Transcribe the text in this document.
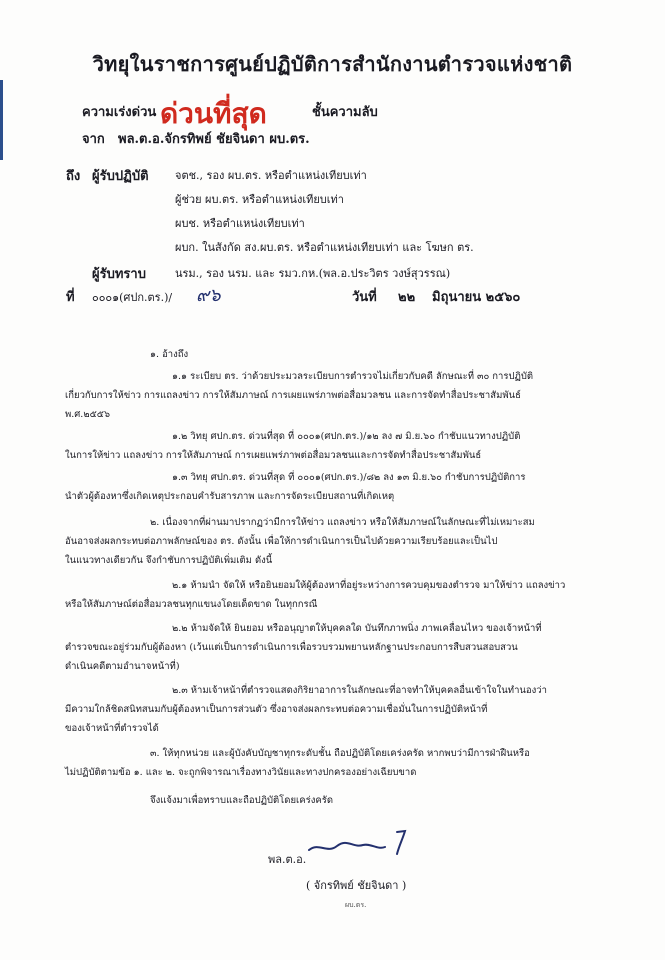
วิทยุในราชการศูนย์ปฏิบัติการสำนักงานตำรวจแห่งชาติ
ความเร่งด่วน ด่วนที่สุด	ชั้นความลับ
จาก พล.ต.อ.จักรทิพย์ ชัยจินดา ผบ.ตร.
ถึง ผู้รับปฏิบัติ จตช., รอง ผบ.ตร. หรือตำแหน่งเทียบเท่า
ผู้ช่วย ผบ.ตร. หรือตำแหน่งเทียบเท่า
ผบช. หรือตำแหน่งเทียบเท่า
ผบก. ในสังกัด สง.ผบ.ตร. หรือตำแหน่งเทียบเท่า และ โฆษก ตร.
ผู้รับทราบ	นรม., รอง นรม. และ รมว.กห.(พล.อ.ประวิตร วงษ์สุวรรณ)
ที่ ๐๐๐๑(ศปก.ตร.)/ ๙๖	วันที่ ๒๒ มิถุนายน ๒๕๖๐
๑. อ้างถึง
๑.๑ ระเบียบ ตร. ว่าด้วยประมวลระเบียบการตำรวจไม่เกี่ยวกับคดี ลักษณะที่ ๓๐ การปฏิบัติ
เกี่ยวกับการให้ข่าว การแถลงข่าว การให้สัมภาษณ์ การเผยแพร่ภาพต่อสื่อมวลชน และการจัดทำสื่อประชาสัมพันธ์
พ.ศ.๒๕๕๖
๑.๒ วิทยุ ศปก.ตร. ด่วนที่สุด ที่ ๐๐๐๑(ศปก.ตร.)/๑๒ ลง ๗ มิ.ย.๖๐ กำชับแนวทางปฏิบัติ
ในการให้ข่าว แถลงข่าว การให้สัมภาษณ์ การเผยแพร่ภาพต่อสื่อมวลชนและการจัดทำสื่อประชาสัมพันธ์
๑.๓ วิทยุ ศปก.ตร. ด่วนที่สุด ที่ ๐๐๐๑(ศปก.ตร.)/๘๒ ลง ๑๓ มิ.ย.๖๐ กำชับการปฏิบัติการ
นำตัวผู้ต้องหาซึ่งเกิดเหตุประกอบคำรับสารภาพ และการจัดระเบียบสถานที่เกิดเหตุ
๒. เนื่องจากที่ผ่านมาปรากฏว่ามีการให้ข่าว แถลงข่าว หรือให้สัมภาษณ์ในลักษณะที่ไม่เหมาะสม
อันอาจส่งผลกระทบต่อภาพลักษณ์ของ ตร. ดังนั้น เพื่อให้การดำเนินการเป็นไปด้วยความเรียบร้อยและเป็นไป
ในแนวทางเดียวกัน จึงกำชับการปฏิบัติเพิ่มเติม ดังนี้
๒.๑ ห้ามนำ จัดให้ หรือยินยอมให้ผู้ต้องหาที่อยู่ระหว่างการควบคุมของตำรวจ มาให้ข่าว แถลงข่าว
หรือให้สัมภาษณ์ต่อสื่อมวลชนทุกแขนงโดยเด็ดขาด ในทุกกรณี
๒.๒ ห้ามจัดให้ ยินยอม หรืออนุญาตให้บุคคลใด บันทึกภาพนิ่ง ภาพเคลื่อนไหว ของเจ้าหน้าที่
ตำรวจขณะอยู่ร่วมกับผู้ต้องหา (เว้นแต่เป็นการดำเนินการเพื่อรวบรวมพยานหลักฐานประกอบการสืบสวนสอบสวน
ดำเนินคดีตามอำนาจหน้าที่)
๒.๓ ห้ามเจ้าหน้าที่ตำรวจแสดงกิริยาอาการในลักษณะที่อาจทำให้บุคคลอื่นเข้าใจในทำนองว่า
มีความใกล้ชิดสนิทสนมกับผู้ต้องหาเป็นการส่วนตัว ซึ่งอาจส่งผลกระทบต่อความเชื่อมั่นในการปฏิบัติหน้าที่
ของเจ้าหน้าที่ตำรวจได้
๓. ให้ทุกหน่วย และผู้บังคับบัญชาทุกระดับชั้น ถือปฏิบัติโดยเคร่งครัด หากพบว่ามีการฝ่าฝืนหรือ
ไม่ปฏิบัติตามข้อ ๑. และ ๒. จะถูกพิจารณาเรื่องทางวินัยและทางปกครองอย่างเฉียบขาด
จึงแจ้งมาเพื่อทราบและถือปฏิบัติโดยเคร่งครัด
พล.ต.อ.
( จักรทิพย์ ชัยจินดา )
ผบ.ตร.
